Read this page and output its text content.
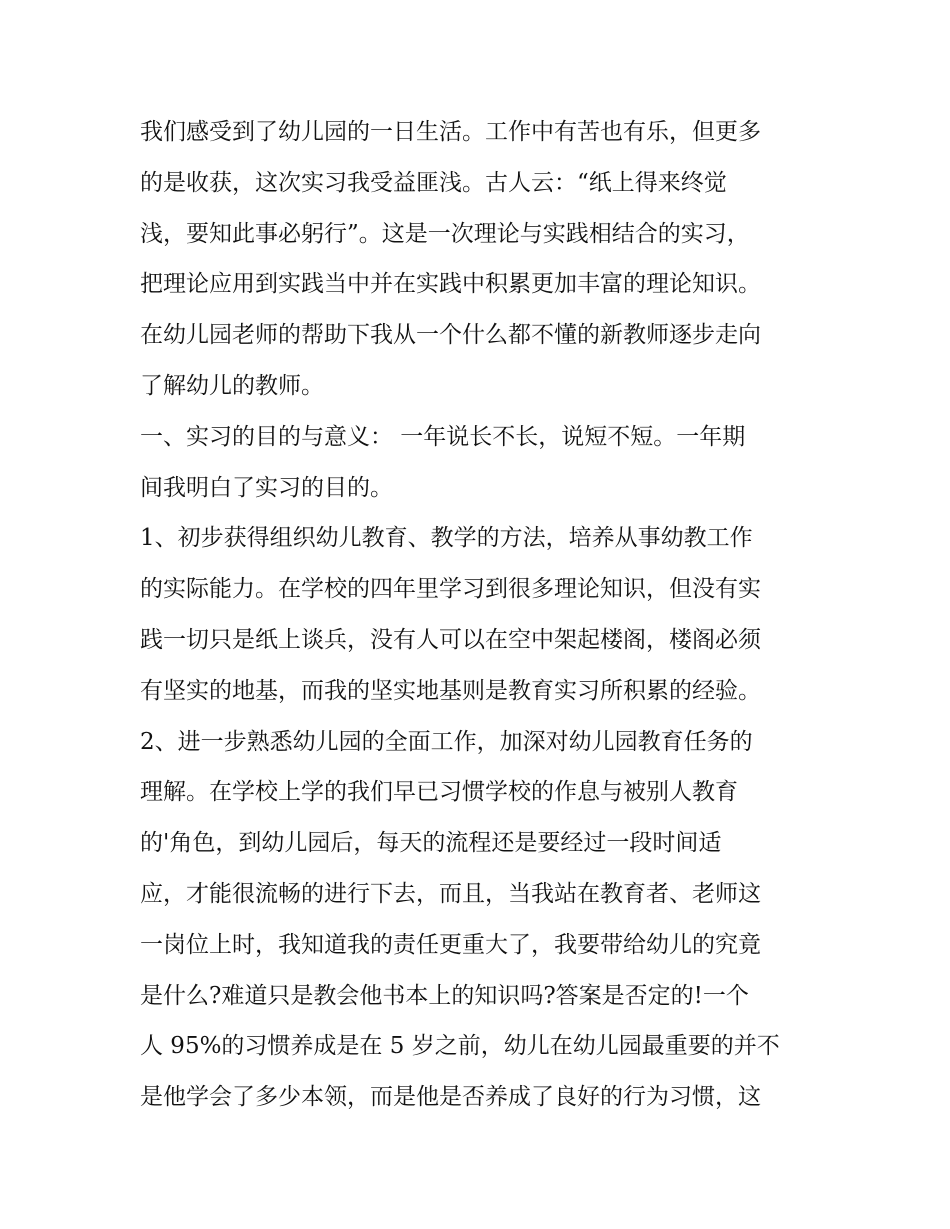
我们感受到了幼儿园的一日生活。工作中有苦也有乐，但更多
的是收获，这次实习我受益匪浅。古人云：“纸上得来终觉
浅，要知此事必躬行”。这是一次理论与实践相结合的实习，
把理论应用到实践当中并在实践中积累更加丰富的理论知识。
在幼儿园老师的帮助下我从一个什么都不懂的新教师逐步走向
了解幼儿的教师。
一、实习的目的与意义： 一年说长不长，说短不短。一年期
间我明白了实习的目的。
1、初步获得组织幼儿教育、教学的方法，培养从事幼教工作
的实际能力。在学校的四年里学习到很多理论知识，但没有实
践一切只是纸上谈兵，没有人可以在空中架起楼阁，楼阁必须
有坚实的地基，而我的坚实地基则是教育实习所积累的经验。
2、进一步熟悉幼儿园的全面工作，加深对幼儿园教育任务的
理解。在学校上学的我们早已习惯学校的作息与被别人教育
的'角色，到幼儿园后，每天的流程还是要经过一段时间适
应，才能很流畅的进行下去，而且，当我站在教育者、老师这
一岗位上时，我知道我的责任更重大了，我要带给幼儿的究竟
是什么?难道只是教会他书本上的知识吗?答案是否定的!一个
人 95%的习惯养成是在 5 岁之前，幼儿在幼儿园最重要的并不
是他学会了多少本领，而是他是否养成了良好的行为习惯，这
